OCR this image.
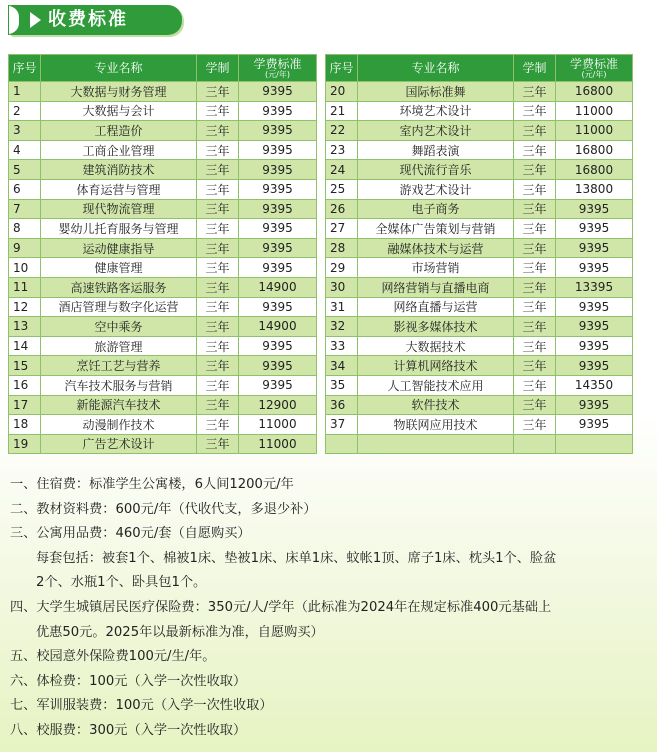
收费标准
序号	专业名称	学制	学费标准
(元/年)

1	大数据与财务管理	三年	9395
2	大数据与会计	三年	9395
3	工程造价	三年	9395
4	工商企业管理	三年	9395
5	建筑消防技术	三年	9395
6	体育运营与管理	三年	9395
7	现代物流管理	三年	9395
8	婴幼儿托育服务与管理	三年	9395
9	运动健康指导	三年	9395
10	健康管理	三年	9395
11	高速铁路客运服务	三年	14900
12	酒店管理与数字化运营	三年	9395
13	空中乘务	三年	14900
14	旅游管理	三年	9395
15	烹饪工艺与营养	三年	9395
16	汽车技术服务与营销	三年	9395
17	新能源汽车技术	三年	12900
18	动漫制作技术	三年	11000
19	广告艺术设计	三年	11000
序号	专业名称	学制	学费标准
(元/年)

20	国际标准舞	三年	16800
21	环境艺术设计	三年	11000
22	室内艺术设计	三年	11000
23	舞蹈表演	三年	16800
24	现代流行音乐	三年	16800
25	游戏艺术设计	三年	13800
26	电子商务	三年	9395
27	全媒体广告策划与营销	三年	9395
28	融媒体技术与运营	三年	9395
29	市场营销	三年	9395
30	网络营销与直播电商	三年	13395
31	网络直播与运营	三年	9395
32	影视多媒体技术	三年	9395
33	大数据技术	三年	9395
34	计算机网络技术	三年	9395
35	人工智能技术应用	三年	14350
36	软件技术	三年	9395
37	物联网应用技术	三年	9395

一、住宿费：标准学生公寓楼，6人间1200元/年
二、教材资料费：600元/年（代收代支，多退少补）
三、公寓用品费：460元/套（自愿购买）
每套包括：被套1个、棉被1床、垫被1床、床单1床、蚊帐1顶、席子1床、枕头1个、脸盆
2个、水瓶1个、卧具包1个。
四、大学生城镇居民医疗保险费：350元/人/学年（此标准为2024年在规定标准400元基础上
优惠50元。2025年以最新标准为准，自愿购买）
五、校园意外保险费100元/生/年。
六、体检费：100元（入学一次性收取）
七、军训服装费：100元（入学一次性收取）
八、校服费：300元（入学一次性收取）
